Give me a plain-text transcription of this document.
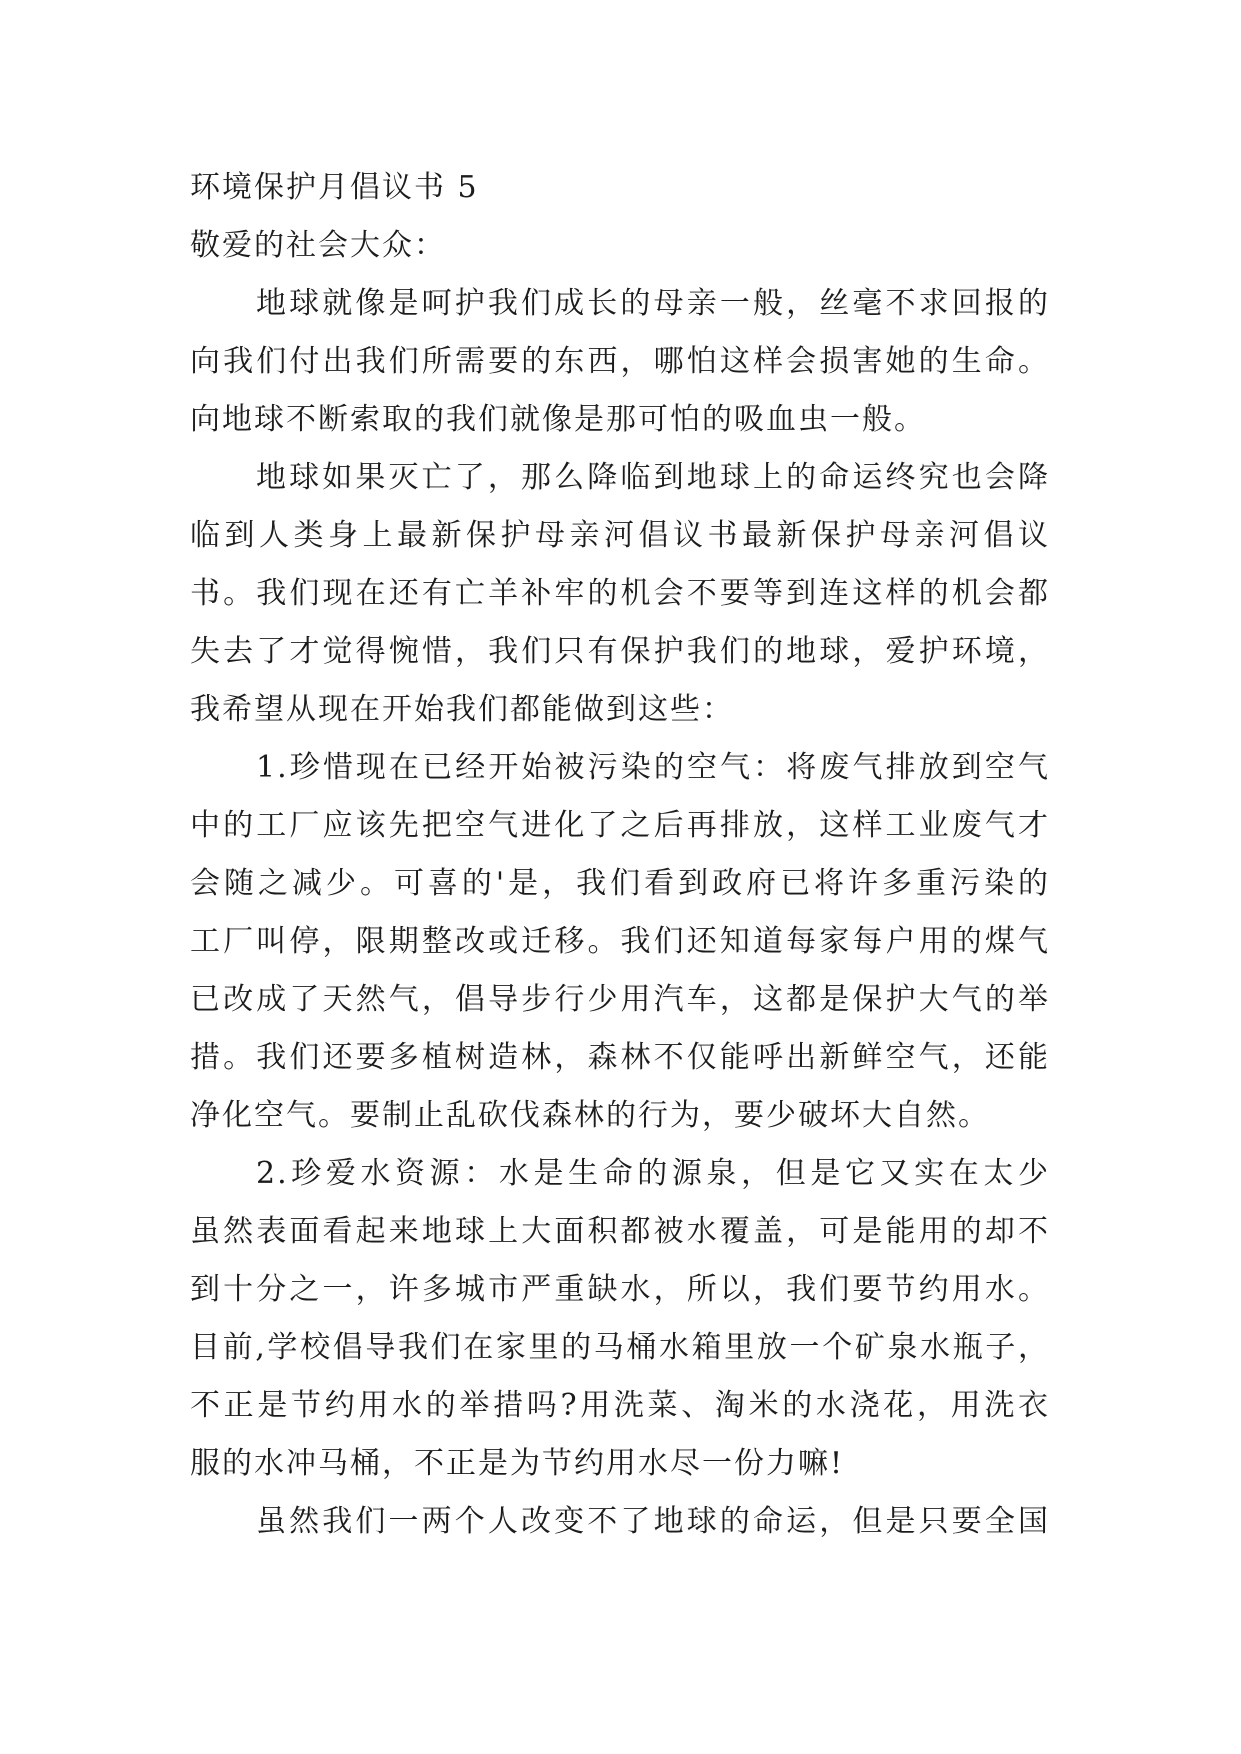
环境保护月倡议书 5
敬爱的社会大众：
地球就像是呵护我们成长的母亲一般，丝毫不求回报的
向我们付出我们所需要的东西，哪怕这样会损害她的生命。
向地球不断索取的我们就像是那可怕的吸血虫一般。
地球如果灭亡了，那么降临到地球上的命运终究也会降
临到人类身上最新保护母亲河倡议书最新保护母亲河倡议
书。我们现在还有亡羊补牢的机会不要等到连这样的机会都
失去了才觉得惋惜，我们只有保护我们的地球，爱护环境，
我希望从现在开始我们都能做到这些：
1.珍惜现在已经开始被污染的空气：将废气排放到空气
中的工厂应该先把空气进化了之后再排放，这样工业废气才
会随之减少。可喜的'是，我们看到政府已将许多重污染的
工厂叫停，限期整改或迁移。我们还知道每家每户用的煤气
已改成了天然气，倡导步行少用汽车，这都是保护大气的举
措。我们还要多植树造林，森林不仅能呼出新鲜空气，还能
净化空气。要制止乱砍伐森林的行为，要少破坏大自然。
2.珍爱水资源：水是生命的源泉，但是它又实在太少
虽然表面看起来地球上大面积都被水覆盖，可是能用的却不
到十分之一，许多城市严重缺水，所以，我们要节约用水。
目前,学校倡导我们在家里的马桶水箱里放一个矿泉水瓶子，
不正是节约用水的举措吗?用洗菜、淘米的水浇花，用洗衣
服的水冲马桶，不正是为节约用水尽一份力嘛!
虽然我们一两个人改变不了地球的命运，但是只要全国
